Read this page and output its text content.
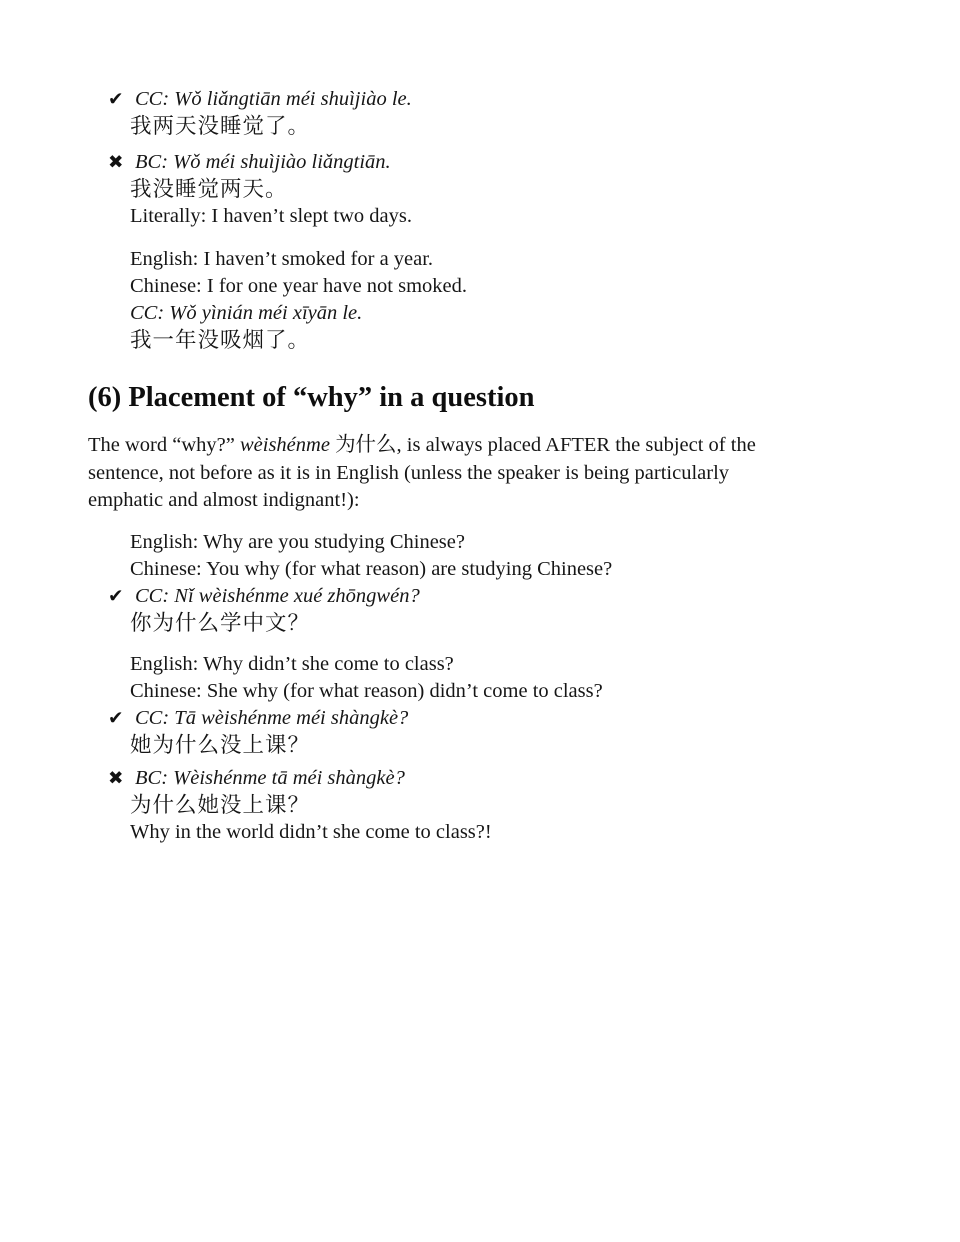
✔ CC: Wǒ liǎngtiān méi shuìjiào le.
我两天没睡觉了。
✖ BC: Wǒ méi shuìjiào liǎngtiān.
我没睡觉两天。
Literally: I haven’t slept two days.
English: I haven’t smoked for a year.
Chinese: I for one year have not smoked.
CC: Wǒ yìnián méi xīyān le.
我一年没吸烟了。
(6) Placement of “why” in a question
The word “why?” wèishénme 为什么, is always placed AFTER the subject of the
sentence, not before as it is in English (unless the speaker is being particularly
emphatic and almost indignant!):
English: Why are you studying Chinese?
Chinese: You why (for what reason) are studying Chinese?
✔ CC: Nǐ wèishénme xué zhōngwén?
你为什么学中文？
English: Why didn’t she come to class?
Chinese: She why (for what reason) didn’t come to class?
✔ CC: Tā wèishénme méi shàngkè?
她为什么没上课？
✖ BC: Wèishénme tā méi shàngkè?
为什么她没上课？
Why in the world didn’t she come to class?!
